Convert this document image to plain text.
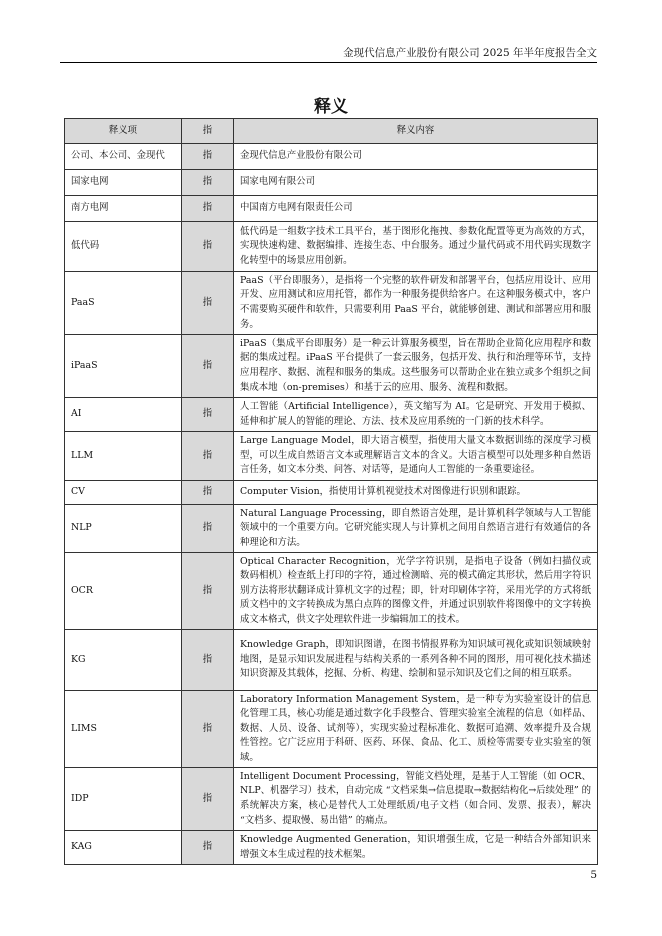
金现代信息产业股份有限公司 2025 年半年度报告全文
释义
释义项	指	释义内容
公司、本公司、金现代	指	金现代信息产业股份有限公司
国家电网	指	国家电网有限公司
南方电网	指	中国南方电网有限责任公司
低代码	指	低代码是一组数字技术工具平台，基于图形化拖拽、参数化配置等更为高效的方式，实现快速构建、数据编排、连接生态、中台服务。通过少量代码或不用代码实现数字化转型中的场景应用创新。
PaaS	指	PaaS（平台即服务），是指将一个完整的软件研发和部署平台，包括应用设计、应用开发、应用测试和应用托管，都作为一种服务提供给客户。在这种服务模式中，客户不需要购买硬件和软件，只需要利用 PaaS 平台，就能够创建、测试和部署应用和服务。
iPaaS	指	iPaaS（集成平台即服务）是一种云计算服务模型，旨在帮助企业简化应用程序和数据的集成过程。iPaaS 平台提供了一套云服务，包括开发、执行和治理等环节，支持应用程序、数据、流程和服务的集成。这些服务可以帮助企业在独立或多个组织之间集成本地（on-premises）和基于云的应用、服务、流程和数据。
AI	指	人工智能（Artificial Intelligence），英文缩写为 AI。它是研究、开发用于模拟、延伸和扩展人的智能的理论、方法、技术及应用系统的一门新的技术科学。
LLM	指	Large Language Model，即大语言模型，指使用大量文本数据训练的深度学习模型，可以生成自然语言文本或理解语言文本的含义。大语言模型可以处理多种自然语言任务，如文本分类、问答、对话等，是通向人工智能的一条重要途径。
CV	指	Computer Vision，指使用计算机视觉技术对图像进行识别和跟踪。
NLP	指	Natural Language Processing，即自然语言处理，是计算机科学领域与人工智能领域中的一个重要方向。它研究能实现人与计算机之间用自然语言进行有效通信的各种理论和方法。
OCR	指	Optical Character Recognition，光学字符识别，是指电子设备（例如扫描仪或数码相机）检查纸上打印的字符，通过检测暗、亮的模式确定其形状，然后用字符识别方法将形状翻译成计算机文字的过程；即，针对印刷体字符，采用光学的方式将纸质文档中的文字转换成为黑白点阵的图像文件，并通过识别软件将图像中的文字转换成文本格式，供文字处理软件进一步编辑加工的技术。
KG	指	Knowledge Graph，即知识图谱，在图书情报界称为知识域可视化或知识领域映射地图，是显示知识发展进程与结构关系的一系列各种不同的图形，用可视化技术描述知识资源及其载体，挖掘、分析、构建、绘制和显示知识及它们之间的相互联系。
LIMS	指	Laboratory Information Management System，是一种专为实验室设计的信息化管理工具，核心功能是通过数字化手段整合、管理实验室全流程的信息（如样品、数据、人员、设备、试剂等），实现实验过程标准化、数据可追溯、效率提升及合规性管控。它广泛应用于科研、医药、环保、食品、化工、质检等需要专业实验室的领域。
IDP	指	Intelligent Document Processing，智能文档处理，是基于人工智能（如 OCR、NLP、机器学习）技术，自动完成 “文档采集→信息提取→数据结构化→后续处理” 的系统解决方案，核心是替代人工处理纸质/电子文档（如合同、发票、报表），解决 “文档多、提取慢、易出错” 的痛点。
KAG	指	Knowledge Augmented Generation，知识增强生成，它是一种结合外部知识来增强文本生成过程的技术框架。
5
